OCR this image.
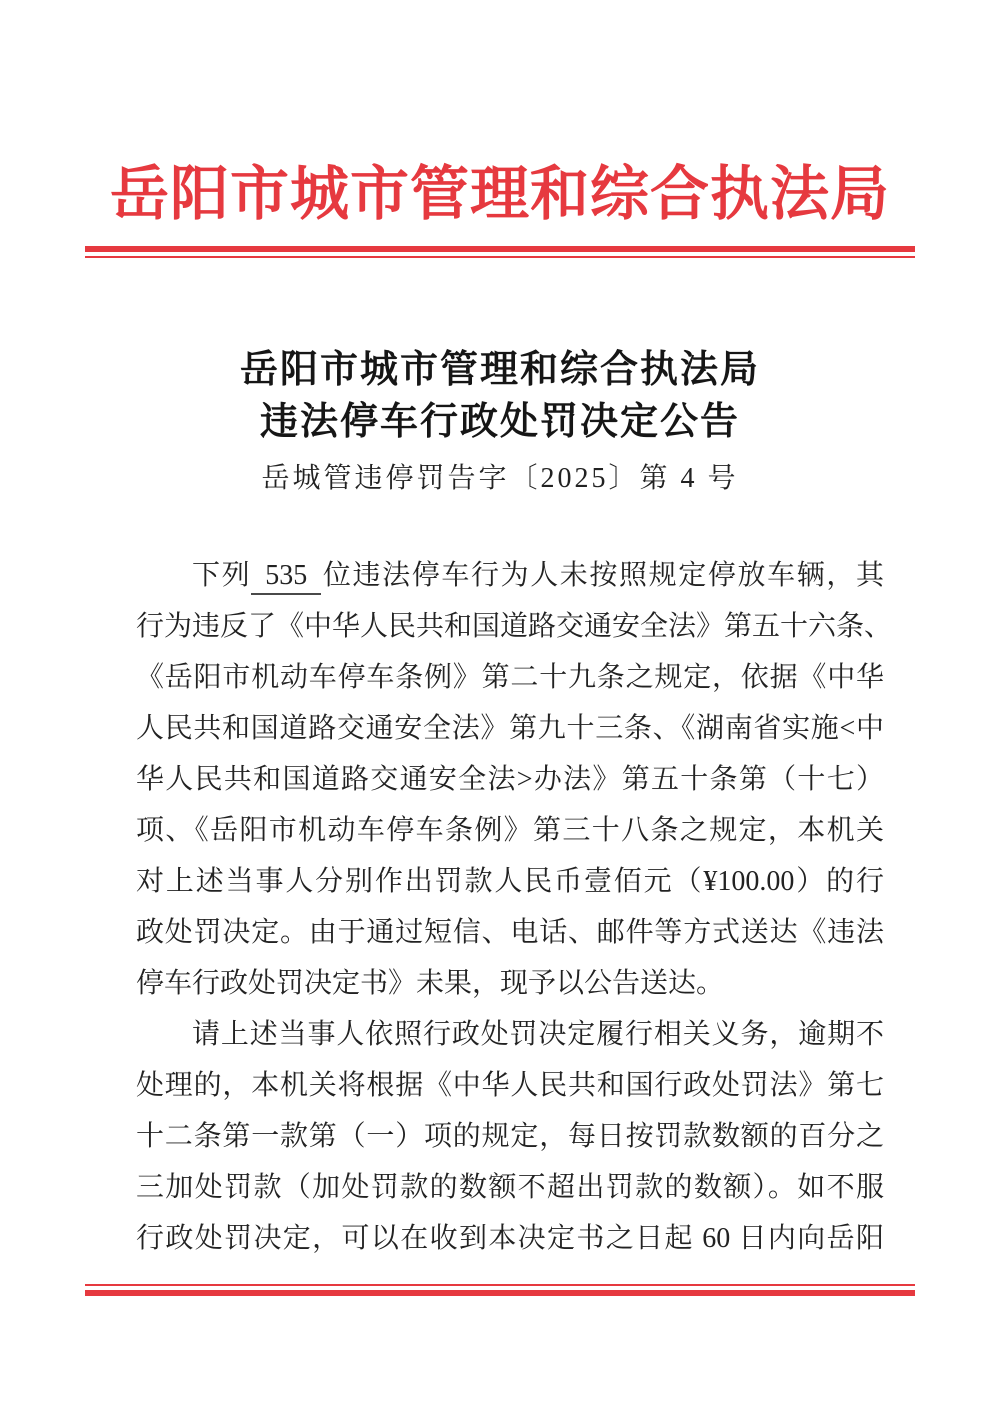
岳阳市城市管理和综合执法局
岳阳市城市管理和综合执法局
违法停车行政处罚决定公告
岳城管违停罚告字〔2025〕第 4 号
下列 535 位违法停车行为人未按照规定停放车辆，其
行为违反了《中华人民共和国道路交通安全法》第五十六条、
《岳阳市机动车停车条例》第二十九条之规定，依据《中华
人民共和国道路交通安全法》第九十三条、《湖南省实施<中
华人民共和国道路交通安全法>办法》第五十条第（十七）
项、《岳阳市机动车停车条例》第三十八条之规定，本机关
对上述当事人分别作出罚款人民币壹佰元（¥100.00）的行
政处罚决定。由于通过短信、电话、邮件等方式送达《违法
停车行政处罚决定书》未果，现予以公告送达。
请上述当事人依照行政处罚决定履行相关义务，逾期不
处理的，本机关将根据《中华人民共和国行政处罚法》第七
十二条第一款第（一）项的规定，每日按罚款数额的百分之
三加处罚款（加处罚款的数额不超出罚款的数额）。如不服
行政处罚决定，可以在收到本决定书之日起 60 日内向岳阳
